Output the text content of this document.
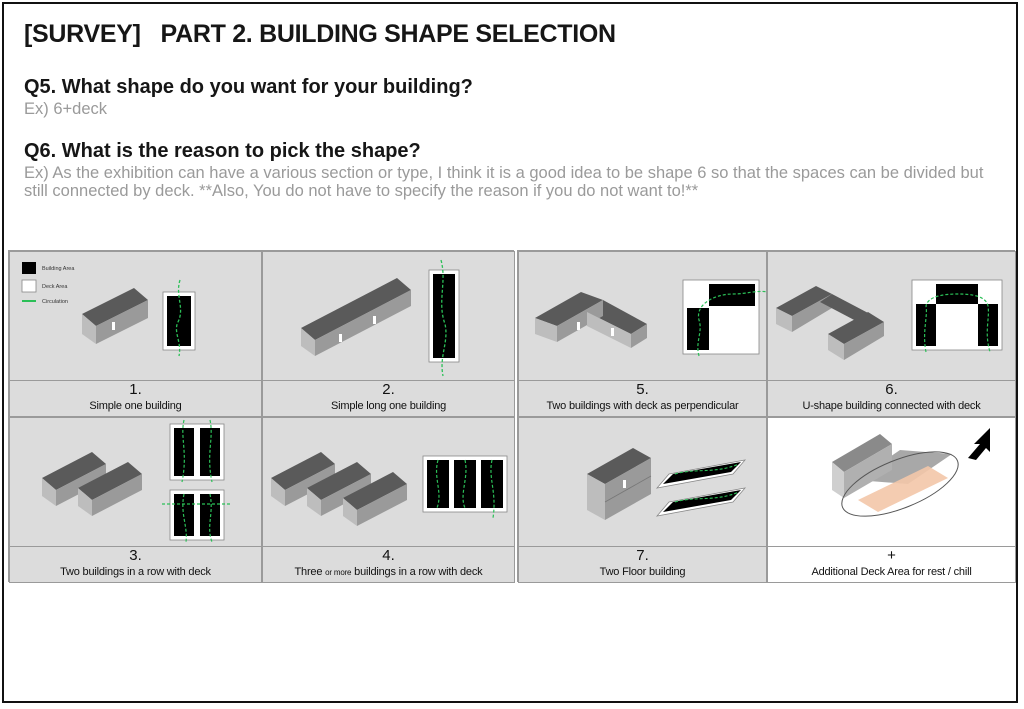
[SURVEY]   PART 2. BUILDING SHAPE SELECTION
Q5. What shape do you want for your building?
Ex) 6+deck
Q6. What is the reason to pick the shape?
Ex) As the exhibition can have a various section or type, I think it is a good idea to be shape 6 so that the spaces can be divided but still connected by deck. **Also, You do not have to specify the reason if you do not want to!**
Building Area
Deck Area
Circulation
1.
Simple one building
2.
Simple long one building
3.
Two buildings in a row with deck
4.
Three or more buildings in a row with deck
5.
Two buildings with deck as perpendicular
6.
U-shape building connected with deck
7.
Two Floor building
+
Additional Deck Area for rest / chill
